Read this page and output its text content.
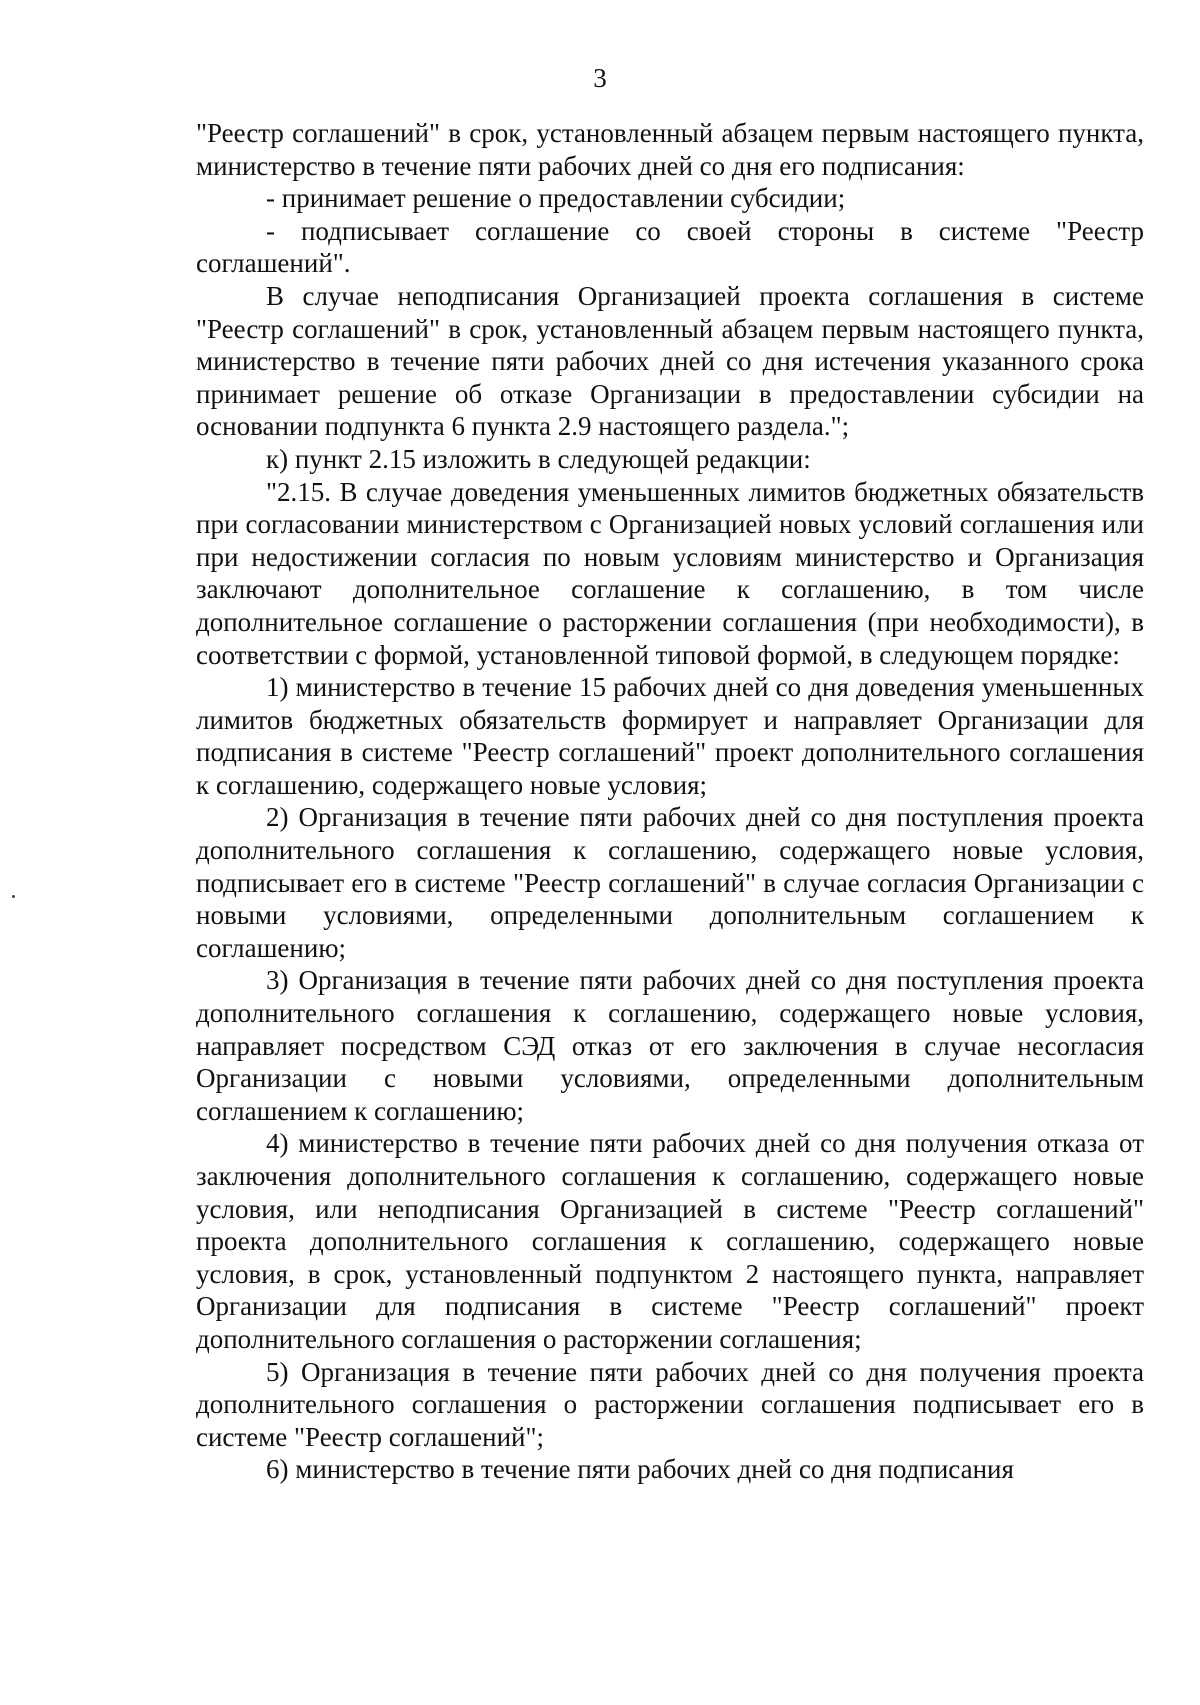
3

"Реестр соглашений" в срок, установленный абзацем первым настоящего пункта, министерство в течение пяти рабочих дней со дня его подписания:

- принимает решение о предоставлении субсидии;

- подписывает соглашение со своей стороны в системе "Реестр соглашений".

В случае неподписания Организацией проекта соглашения в системе "Реестр соглашений" в срок, установленный абзацем первым настоящего пункта, министерство в течение пяти рабочих дней со дня истечения указанного срока принимает решение об отказе Организации в предоставлении субсидии на основании подпункта 6 пункта 2.9 настоящего раздела.";

к) пункт 2.15 изложить в следующей редакции:

"2.15. В случае доведения уменьшенных лимитов бюджетных обязательств при согласовании министерством с Организацией новых условий соглашения или при недостижении согласия по новым условиям министерство и Организация заключают дополнительное соглашение к соглашению, в том числе дополнительное соглашение о расторжении соглашения (при необходимости), в соответствии с формой, установленной типовой формой, в следующем порядке:

1) министерство в течение 15 рабочих дней со дня доведения уменьшенных лимитов бюджетных обязательств формирует и направляет Организации для подписания в системе "Реестр соглашений" проект дополнительного соглашения к соглашению, содержащего новые условия;

2) Организация в течение пяти рабочих дней со дня поступления проекта дополнительного соглашения к соглашению, содержащего новые условия, подписывает его в системе "Реестр соглашений" в случае согласия Организации с новыми условиями, определенными дополнительным соглашением к соглашению;

3) Организация в течение пяти рабочих дней со дня поступления проекта дополнительного соглашения к соглашению, содержащего новые условия, направляет посредством СЭД отказ от его заключения в случае несогласия Организации с новыми условиями, определенными дополнительным соглашением к соглашению;

4) министерство в течение пяти рабочих дней со дня получения отказа от заключения дополнительного соглашения к соглашению, содержащего новые условия, или неподписания Организацией в системе "Реестр соглашений" проекта дополнительного соглашения к соглашению, содержащего новые условия, в срок, установленный подпунктом 2 настоящего пункта, направляет Организации для подписания в системе "Реестр соглашений" проект дополнительного соглашения о расторжении соглашения;

5) Организация в течение пяти рабочих дней со дня получения проекта дополнительного соглашения о расторжении соглашения подписывает его в системе "Реестр соглашений";

6) министерство в течение пяти рабочих дней со дня подписания
